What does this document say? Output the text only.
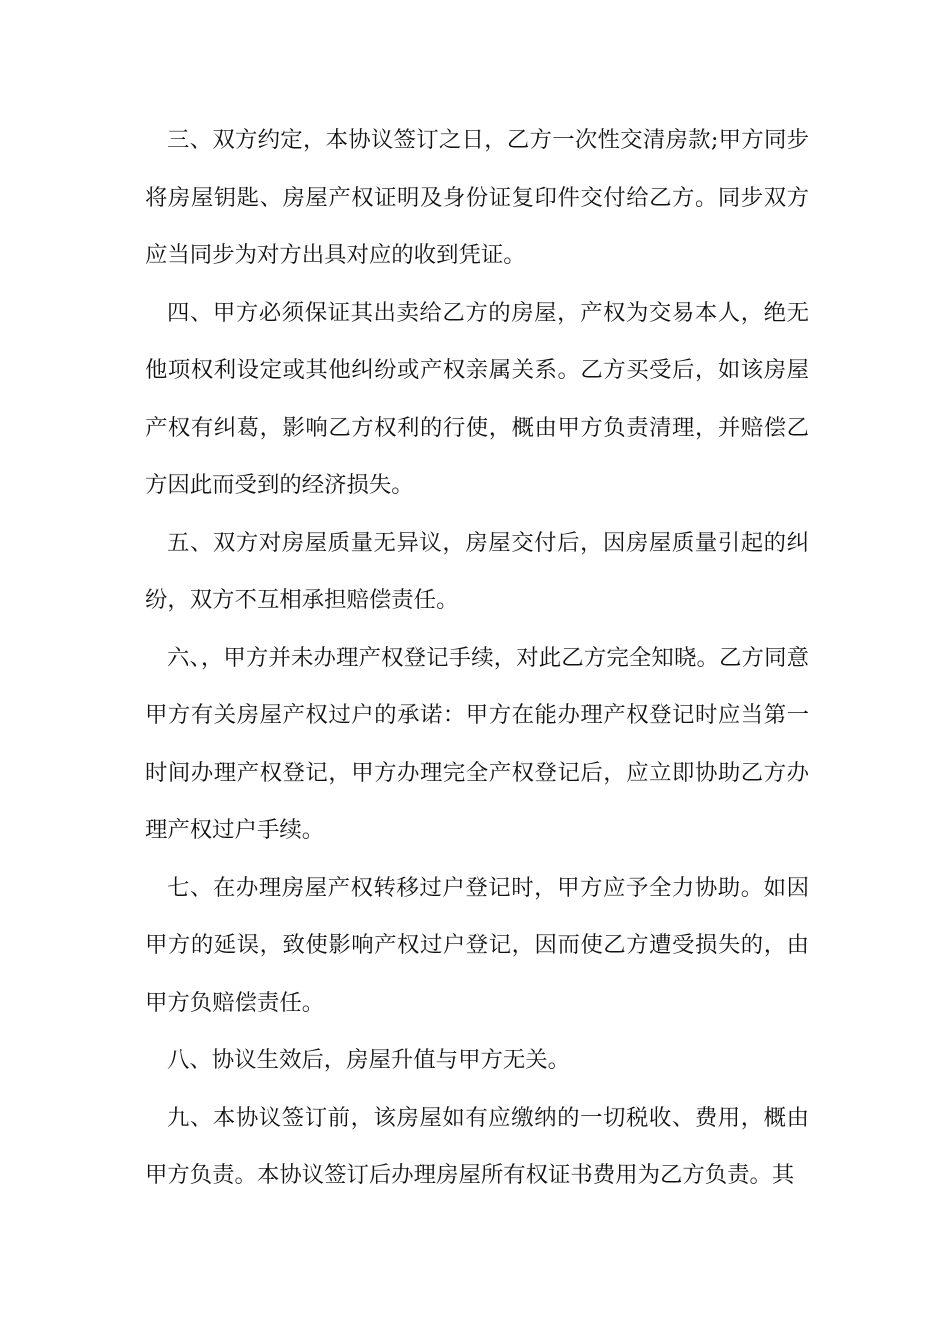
三、双方约定，本协议签订之日，乙方一次性交清房款;甲方同步将房屋钥匙、房屋产权证明及身份证复印件交付给乙方。同步双方应当同步为对方出具对应的收到凭证。

四、甲方必须保证其出卖给乙方的房屋，产权为交易本人，绝无他项权利设定或其他纠纷或产权亲属关系。乙方买受后，如该房屋产权有纠葛，影响乙方权利的行使，概由甲方负责清理，并赔偿乙方因此而受到的经济损失。

五、双方对房屋质量无异议，房屋交付后，因房屋质量引起的纠纷，双方不互相承担赔偿责任。

六、，甲方并未办理产权登记手续，对此乙方完全知晓。乙方同意甲方有关房屋产权过户的承诺：甲方在能办理产权登记时应当第一时间办理产权登记，甲方办理完全产权登记后，应立即协助乙方办理产权过户手续。

七、在办理房屋产权转移过户登记时，甲方应予全力协助。如因甲方的延误，致使影响产权过户登记，因而使乙方遭受损失的，由甲方负赔偿责任。

八、协议生效后，房屋升值与甲方无关。

九、本协议签订前，该房屋如有应缴纳的一切税收、费用，概由甲方负责。本协议签订后办理房屋所有权证书费用为乙方负责。其
